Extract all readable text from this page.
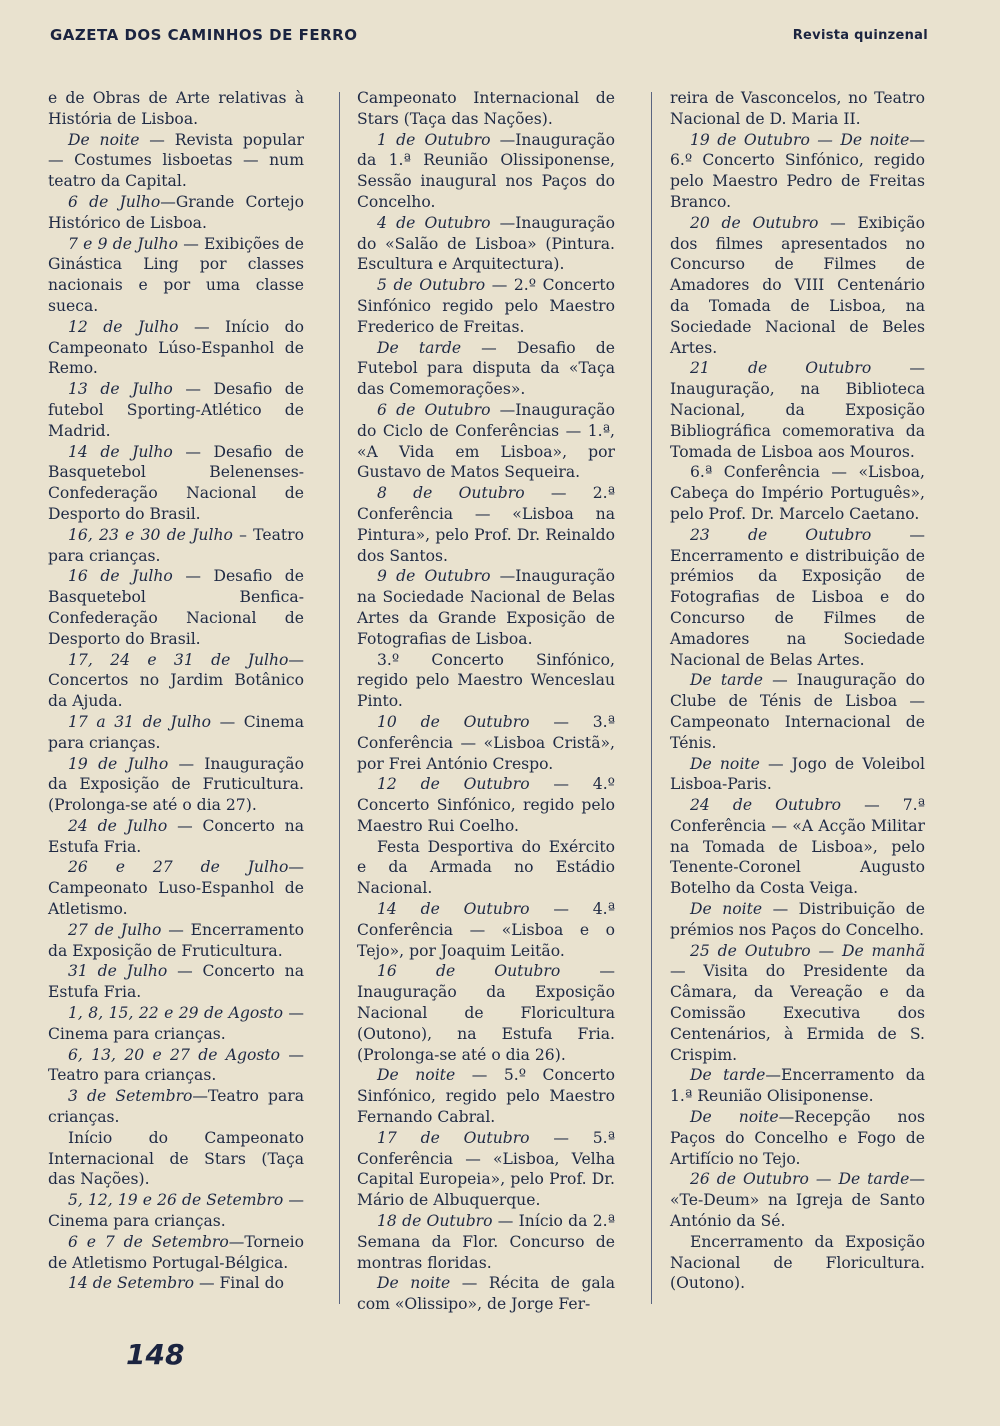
GAZETA DOS CAMINHOS DE FERRO	Revista quinzenal

e de Obras de Arte relativas à História de Lisboa.

De noite — Revista popular — Costumes lisboetas — num teatro da Capital.

6 de Julho—Grande Cortejo Histórico de Lisboa.

7 e 9 de Julho — Exibições de Ginástica Ling por classes nacionais e por uma classe sueca.

12 de Julho — Início do Campeonato Lúso-Espanhol de Remo.

13 de Julho — Desafio de futebol Sporting-Atlético de Madrid.

14 de Julho — Desafio de Basquetebol Belenenses-Confederação Nacional de Desporto do Brasil.

16, 23 e 30 de Julho – Teatro para crianças.

16 de Julho — Desafio de Basquetebol Benfica-Confederação Nacional de Desporto do Brasil.

17, 24 e 31 de Julho— Concertos no Jardim Botânico da Ajuda.

17 a 31 de Julho — Cinema para crianças.

19 de Julho — Inauguração da Exposição de Fruticultura. (Prolonga-se até o dia 27).

24 de Julho — Concerto na Estufa Fria.

26 e 27 de Julho— Campeonato Luso-Espanhol de Atletismo.

27 de Julho — Encerramento da Exposição de Fruticultura.

31 de Julho — Concerto na Estufa Fria.

1, 8, 15, 22 e 29 de Agosto — Cinema para crianças.

6, 13, 20 e 27 de Agosto — Teatro para crianças.

3 de Setembro—Teatro para crianças.

Início do Campeonato Internacional de Stars (Taça das Nações).

5, 12, 19 e 26 de Setembro — Cinema para crianças.

6 e 7 de Setembro—Torneio de Atletismo Portugal-Bélgica.

14 de Setembro — Final do

Campeonato Internacional de Stars (Taça das Nações).

1 de Outubro —Inauguração da 1.ª Reunião Olissiponense, Sessão inaugural nos Paços do Concelho.

4 de Outubro —Inauguração do «Salão de Lisboa» (Pintura. Escultura e Arquitectura).

5 de Outubro — 2.º Concerto Sinfónico regido pelo Maestro Frederico de Freitas.

De tarde — Desafio de Futebol para disputa da «Taça das Comemorações».

6 de Outubro —Inauguração do Ciclo de Conferências — 1.ª, «A Vida em Lisboa», por Gustavo de Matos Sequeira.

8 de Outubro — 2.ª Conferência — «Lisboa na Pintura», pelo Prof. Dr. Reinaldo dos Santos.

9 de Outubro —Inauguração na Sociedade Nacional de Belas Artes da Grande Exposição de Fotografias de Lisboa.

3.º Concerto Sinfónico, regido pelo Maestro Wenceslau Pinto.

10 de Outubro — 3.ª Conferência — «Lisboa Cristã», por Frei António Crespo.

12 de Outubro — 4.º Concerto Sinfónico, regido pelo Maestro Rui Coelho.

Festa Desportiva do Exército e da Armada no Estádio Nacional.

14 de Outubro — 4.ª Conferência — «Lisboa e o Tejo», por Joaquim Leitão.

16 de Outubro — Inauguração da Exposição Nacional de Floricultura (Outono), na Estufa Fria. (Prolonga-se até o dia 26).

De noite — 5.º Concerto Sinfónico, regido pelo Maestro Fernando Cabral.

17 de Outubro — 5.ª Conferência — «Lisboa, Velha Capital Europeia», pelo Prof. Dr. Mário de Albuquerque.

18 de Outubro — Início da 2.ª Semana da Flor. Concurso de montras floridas.

De noite — Récita de gala com «Olissipo», de Jorge Fer-

reira de Vasconcelos, no Teatro Nacional de D. Maria II.

19 de Outubro — De noite— 6.º Concerto Sinfónico, regido pelo Maestro Pedro de Freitas Branco.

20 de Outubro — Exibição dos filmes apresentados no Concurso de Filmes de Amadores do VIII Centenário da Tomada de Lisboa, na Sociedade Nacional de Beles Artes.

21 de Outubro — Inauguração, na Biblioteca Nacional, da Exposição Bibliográfica comemorativa da Tomada de Lisboa aos Mouros.

6.ª Conferência — «Lisboa, Cabeça do Império Português», pelo Prof. Dr. Marcelo Caetano.

23 de Outubro — Encerramento e distribuição de prémios da Exposição de Fotografias de Lisboa e do Concurso de Filmes de Amadores na Sociedade Nacional de Belas Artes.

De tarde — Inauguração do Clube de Ténis de Lisboa — Campeonato Internacional de Ténis.

De noite — Jogo de Voleibol Lisboa-Paris.

24 de Outubro — 7.ª Conferência — «A Acção Militar na Tomada de Lisboa», pelo Tenente-Coronel Augusto Botelho da Costa Veiga.

De noite — Distribuição de prémios nos Paços do Concelho.

25 de Outubro — De manhã — Visita do Presidente da Câmara, da Vereação e da Comissão Executiva dos Centenários, à Ermida de S. Crispim.

De tarde—Encerramento da 1.ª Reunião Olisiponense.

De noite—Recepção nos Paços do Concelho e Fogo de Artifício no Tejo.

26 de Outubro — De tarde— «Te-Deum» na Igreja de Santo António da Sé.

Encerramento da Exposição Nacional de Floricultura. (Outono).

148
